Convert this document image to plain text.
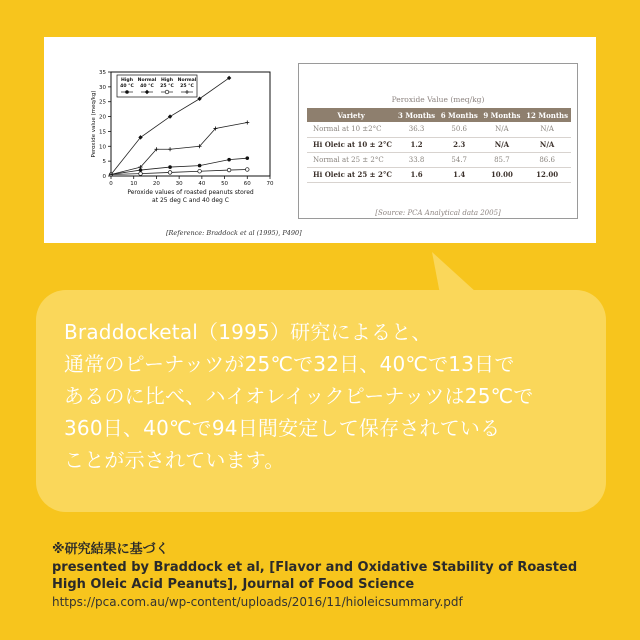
0
5
10
15
20
25
30
35
0	10	20	30	40	50	60	70
Peroxide value (meq/kg)
Peroxide values of roasted peanuts stored
at 25 deg C and 40 deg C
High
40 °C
Normal
40 °C
High
25 °C
Normal
25 °C
[Reference: Braddock et al (1995), P490]
Peroxide Value (meq/kg)
Variety	3 Months	6 Months	9 Months	12 Months
Normal at 10 ±2°C	36.3	50.6	N/A	N/A
Hi Oleic at 10 ± 2°C	1.2	2.3	N/A	N/A
Normal at 25 ± 2°C	33.8	54.7	85.7	86.6
Hi Oleic at 25 ± 2°C	1.6	1.4	10.00	12.00
[Source: PCA Analytical data 2005]
Braddocketal（1995）研究によると、
通常のピーナッツが25℃で32日、40℃で13日で
あるのに比べ、ハイオレイックピーナッツは25℃で
360日、40℃で94日間安定して保存されている
ことが示されています。
※研究結果に基づく
presented by Braddock et al, [Flavor and Oxidative Stability of Roasted
High Oleic Acid Peanuts], Journal of Food Science
https://pca.com.au/wp-content/uploads/2016/11/hioleicsummary.pdf
